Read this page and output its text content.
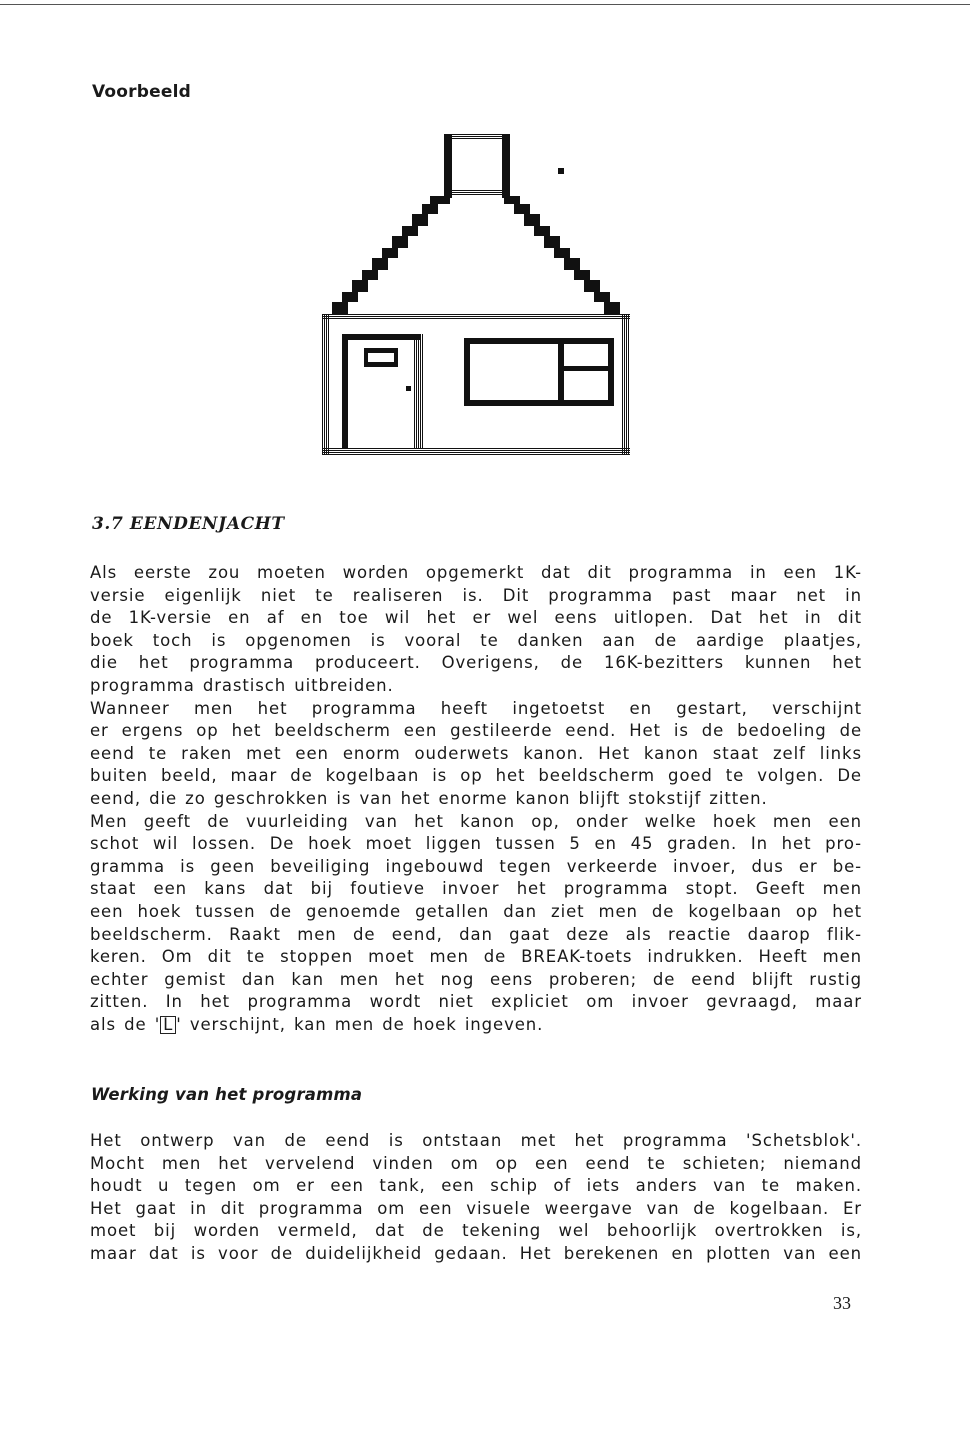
Voorbeeld
3.7 EENDENJACHT
Als eerste zou moeten worden opgemerkt dat dit programma in een 1K-
versie eigenlijk niet te realiseren is. Dit programma past maar net in
de 1K-versie en af en toe wil het er wel eens uitlopen. Dat het in dit
boek toch is opgenomen is vooral te danken aan de aardige plaatjes,
die het programma produceert. Overigens, de 16K-bezitters kunnen het
programma drastisch uitbreiden.
Wanneer men het programma heeft ingetoetst en gestart, verschijnt
er ergens op het beeldscherm een gestileerde eend. Het is de bedoeling de
eend te raken met een enorm ouderwets kanon. Het kanon staat zelf links
buiten beeld, maar de kogelbaan is op het beeldscherm goed te volgen. De
eend, die zo geschrokken is van het enorme kanon blijft stokstijf zitten.
Men geeft de vuurleiding van het kanon op, onder welke hoek men een
schot wil lossen. De hoek moet liggen tussen 5 en 45 graden. In het pro-
gramma is geen beveiliging ingebouwd tegen verkeerde invoer, dus er be-
staat een kans dat bij foutieve invoer het programma stopt. Geeft men
een hoek tussen de genoemde getallen dan ziet men de kogelbaan op het
beeldscherm. Raakt men de eend, dan gaat deze als reactie daarop flik-
keren. Om dit te stoppen moet men de BREAK-toets indrukken. Heeft men
echter gemist dan kan men het nog eens proberen; de eend blijft rustig
zitten. In het programma wordt niet expliciet om invoer gevraagd, maar
als de ' L ' verschijnt, kan men de hoek ingeven.
Werking van het programma
Het ontwerp van de eend is ontstaan met het programma 'Schetsblok'.
Mocht men het vervelend vinden om op een eend te schieten; niemand
houdt u tegen om er een tank, een schip of iets anders van te maken.
Het gaat in dit programma om een visuele weergave van de kogelbaan. Er
moet bij worden vermeld, dat de tekening wel behoorlijk overtrokken is,
maar dat is voor de duidelijkheid gedaan. Het berekenen en plotten van een
33
